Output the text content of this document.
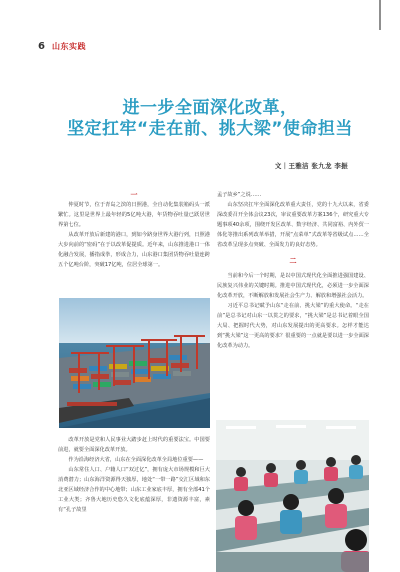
6 山东实践
进一步全面深化改革，
坚定扛牢“走在前、挑大梁”使命担当
文｜王雅洁 张九龙 李振
一

仲夏时节，位于青岛之滨的日照港，全自动化集装箱码头一派繁忙。这里是世界上最年轻的5亿吨大港，年货物吞吐量已跃居世界第七位。

从改革开放后新建的港口，到如今跻身世界大港行列，日照港大步向前的“密码”在于以改革促提质。近年来，山东推进港口一体化融合发展，播指成拳，形成合力，山东港口集团货物吞吐量连跨五个亿吨台阶，突破17亿吨，位居全球第一。

改革开放是党和人民事业大踏步赶上时代的重要法宝。中国要前进，就要全面深化改革开放。

作为沿海经济大省，山东在全面深化改革全局地位重要——

山东常住人口、户籍人口“双过亿”，拥有庞大市场规模和巨大消费潜力；山东海洋资源得天独厚，地处“一带一路”交汇区域和东北亚区域经济合作的中心地带；山东工业家底丰厚，拥有全部41个工业大类；齐鲁大地历史悠久文化底蕴深厚，非遗资源丰富，素有“孔子故里

孟子故乡”之说……

山东坚决扛牢全面深化改革重大责任，党的十九大以来，省委深改委召开全体会议23次，审议重要改革方案136个，研究重大专题事项40余项，围绕开发区改革、数字经济、共同富裕、内外贸一体化等推出系列改革举措，开展“点菜单”式改革等省级试点……全省改革呈现多点突破、全面发力的良好态势。

二

当前和今后一个时期，是以中国式现代化全面推进强国建设、民族复兴伟业的关键时期。推进中国式现代化，必须进一步全面深化改革开放，不断解放和发展社会生产力、解放和增强社会活力。

习近平总书记赋予山东“走在前、挑大梁”的重大使命。“走在前”是总书记对山东一以贯之的要求，“挑大梁”是总书记着眼全国大局、把握时代大势，对山东发展提出的更高要求。怎样才能达到“挑大梁”这一更高的要求？很重要的一点就是要以进一步全面深化改革为动力。
